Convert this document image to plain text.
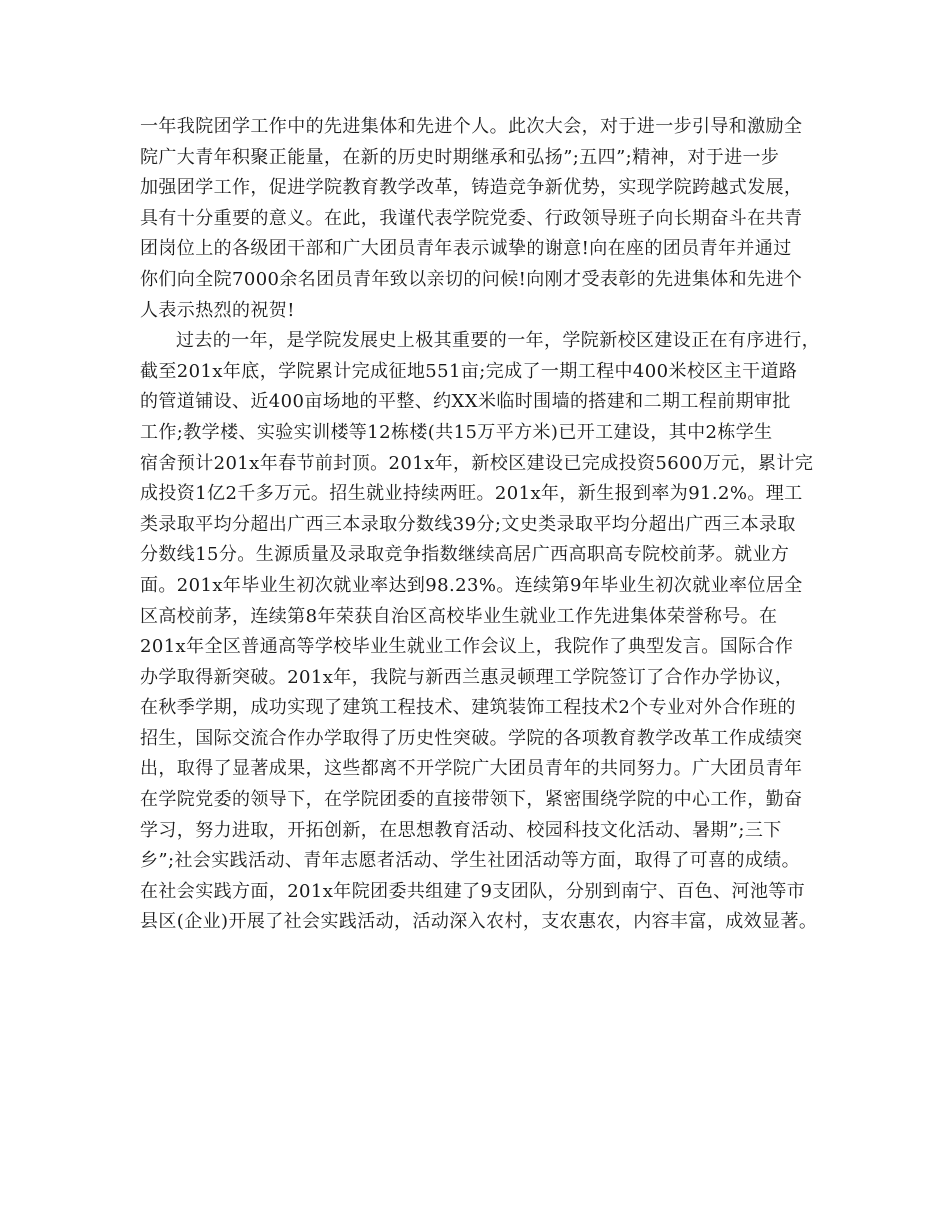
一年我院团学工作中的先进集体和先进个人。此次大会，对于进一步引导和激励全
院广大青年积聚正能量，在新的历史时期继承和弘扬”;五四”;精神，对于进一步
加强团学工作，促进学院教育教学改革，铸造竞争新优势，实现学院跨越式发展，
具有十分重要的意义。在此，我谨代表学院党委、行政领导班子向长期奋斗在共青
团岗位上的各级团干部和广大团员青年表示诚挚的谢意!向在座的团员青年并通过
你们向全院7000余名团员青年致以亲切的问候!向刚才受表彰的先进集体和先进个
人表示热烈的祝贺!
过去的一年，是学院发展史上极其重要的一年，学院新校区建设正在有序进行，
截至201x年底，学院累计完成征地551亩;完成了一期工程中400米校区主干道路
的管道铺设、近400亩场地的平整、约XX米临时围墙的搭建和二期工程前期审批
工作;教学楼、实验实训楼等12栋楼(共15万平方米)已开工建设，其中2栋学生
宿舍预计201x年春节前封顶。201x年，新校区建设已完成投资5600万元，累计完
成投资1亿2千多万元。招生就业持续两旺。201x年，新生报到率为91.2%。理工
类录取平均分超出广西三本录取分数线39分;文史类录取平均分超出广西三本录取
分数线15分。生源质量及录取竞争指数继续高居广西高职高专院校前茅。就业方
面。201x年毕业生初次就业率达到98.23%。连续第9年毕业生初次就业率位居全
区高校前茅，连续第8年荣获自治区高校毕业生就业工作先进集体荣誉称号。在
201x年全区普通高等学校毕业生就业工作会议上，我院作了典型发言。国际合作
办学取得新突破。201x年，我院与新西兰惠灵顿理工学院签订了合作办学协议，
在秋季学期，成功实现了建筑工程技术、建筑装饰工程技术2个专业对外合作班的
招生，国际交流合作办学取得了历史性突破。学院的各项教育教学改革工作成绩突
出，取得了显著成果，这些都离不开学院广大团员青年的共同努力。广大团员青年
在学院党委的领导下，在学院团委的直接带领下，紧密围绕学院的中心工作，勤奋
学习，努力进取，开拓创新，在思想教育活动、校园科技文化活动、暑期”;三下
乡”;社会实践活动、青年志愿者活动、学生社团活动等方面，取得了可喜的成绩。
在社会实践方面，201x年院团委共组建了9支团队，分别到南宁、百色、河池等市
县区(企业)开展了社会实践活动，活动深入农村，支农惠农，内容丰富，成效显著。
